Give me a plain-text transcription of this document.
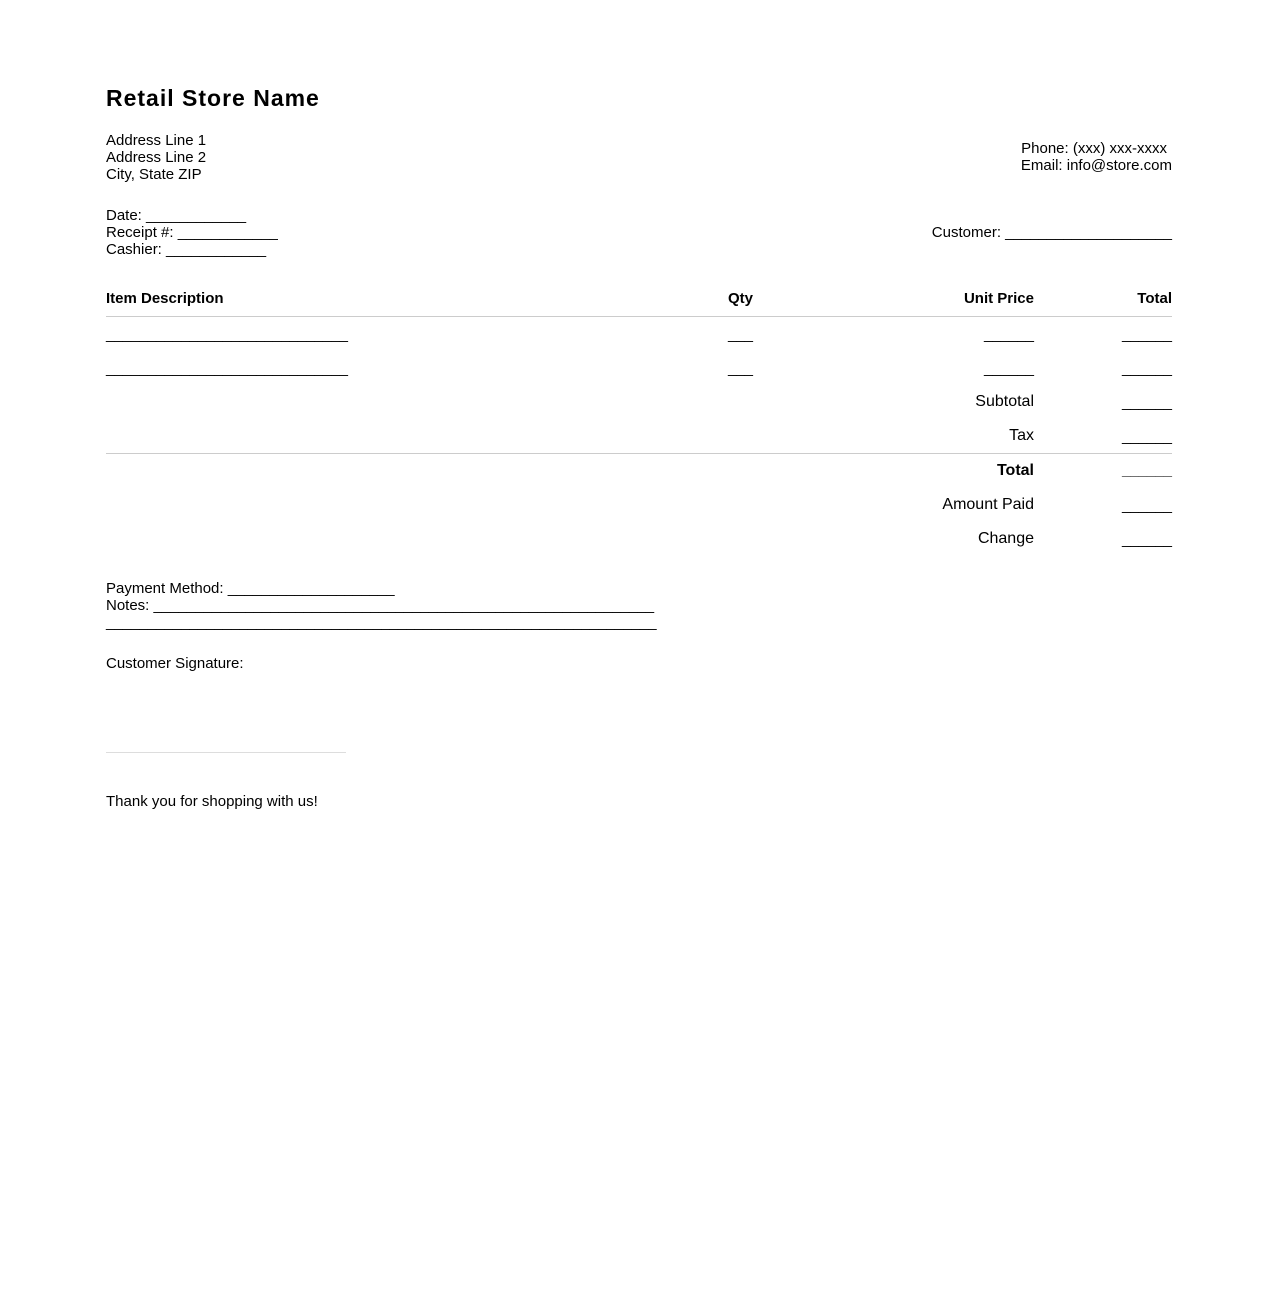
Retail Store Name
Address Line 1
Address Line 2
City, State ZIP
Phone: (xxx) xxx-xxxx
Email: info@store.com
Date: ____________
Receipt #: ____________
Cashier: ____________
Customer: ____________________
Item Description	Qty	Unit Price	Total
_____________________________	___	______	______
_____________________________	___	______	______
Subtotal	______
Tax	______
Total	______
Amount Paid	______
Change	______
Payment Method: ____________________
Notes: ____________________________________________________________
__________________________________________________________________
Customer Signature:
Thank you for shopping with us!
